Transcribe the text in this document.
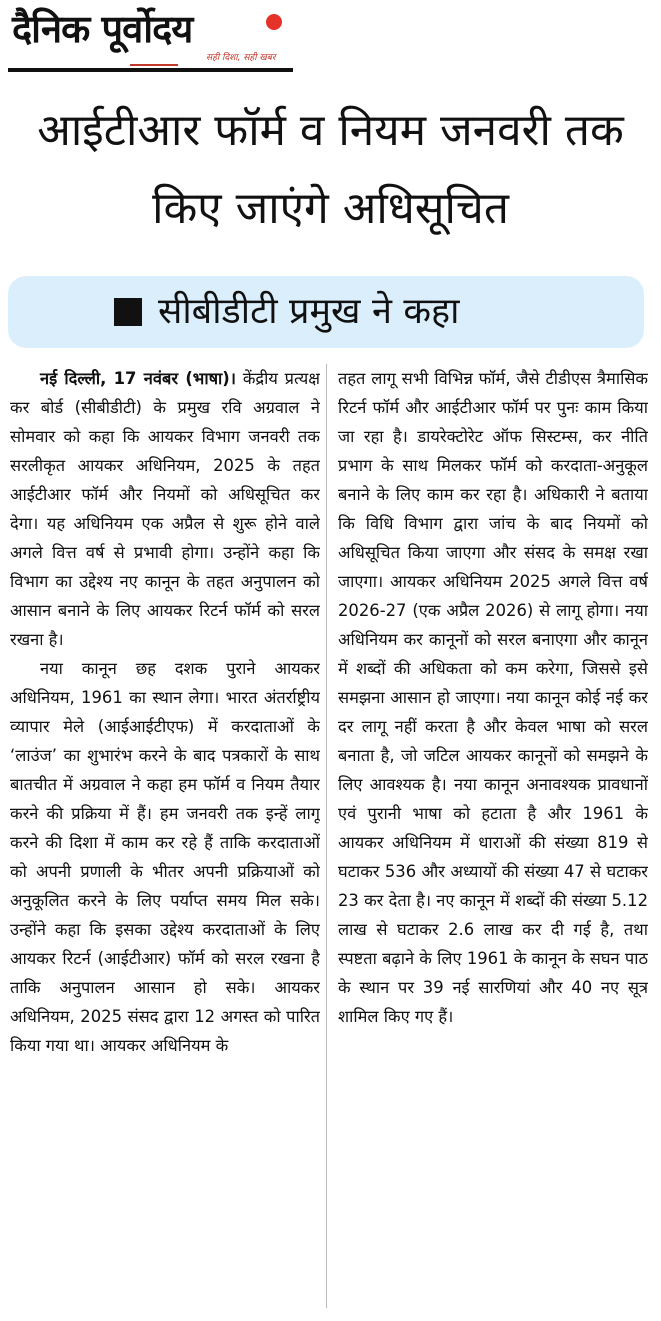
दैनिक पूर्वोदय
सही दिशा, सही खबर
आईटीआर फॉर्म व नियम जनवरी तक किए जाएंगे अधिसूचित
सीबीडीटी प्रमुख ने कहा

नई दिल्ली, 17 नवंबर (भाषा)। केंद्रीय प्रत्यक्ष कर बोर्ड (सीबीडीटी) के प्रमुख रवि अग्रवाल ने सोमवार को कहा कि आयकर विभाग जनवरी तक सरलीकृत आयकर अधिनियम, 2025 के तहत आईटीआर फॉर्म और नियमों को अधिसूचित कर देगा। यह अधिनियम एक अप्रैल से शुरू होने वाले अगले वित्त वर्ष से प्रभावी होगा। उन्होंने कहा कि विभाग का उद्देश्य नए कानून के तहत अनुपालन को आसान बनाने के लिए आयकर रिटर्न फॉर्म को सरल रखना है।

नया कानून छह दशक पुराने आयकर अधिनियम, 1961 का स्थान लेगा। भारत अंतर्राष्ट्रीय व्यापार मेले (आईआईटीएफ) में करदाताओं के ‘लाउंज’ का शुभारंभ करने के बाद पत्रकारों के साथ बातचीत में अग्रवाल ने कहा हम फॉर्म व नियम तैयार करने की प्रक्रिया में हैं। हम जनवरी तक इन्हें लागू करने की दिशा में काम कर रहे हैं ताकि करदाताओं को अपनी प्रणाली के भीतर अपनी प्रक्रियाओं को अनुकूलित करने के लिए पर्याप्त समय मिल सके। उन्होंने कहा कि इसका उद्देश्य करदाताओं के लिए आयकर रिटर्न (आईटीआर) फॉर्म को सरल रखना है ताकि अनुपालन आसान हो सके। आयकर अधिनियम, 2025 संसद द्वारा 12 अगस्त को पारित किया गया था। आयकर अधिनियम के

तहत लागू सभी विभिन्न फॉर्म, जैसे टीडीएस त्रैमासिक रिटर्न फॉर्म और आईटीआर फॉर्म पर पुनः काम किया जा रहा है। डायरेक्टोरेट ऑफ सिस्टम्स, कर नीति प्रभाग के साथ मिलकर फॉर्म को करदाता-अनुकूल बनाने के लिए काम कर रहा है। अधिकारी ने बताया कि विधि विभाग द्वारा जांच के बाद नियमों को अधिसूचित किया जाएगा और संसद के समक्ष रखा जाएगा। आयकर अधिनियम 2025 अगले वित्त वर्ष 2026-27 (एक अप्रैल 2026) से लागू होगा। नया अधिनियम कर कानूनों को सरल बनाएगा और कानून में शब्दों की अधिकता को कम करेगा, जिससे इसे समझना आसान हो जाएगा। नया कानून कोई नई कर दर लागू नहीं करता है और केवल भाषा को सरल बनाता है, जो जटिल आयकर कानूनों को समझने के लिए आवश्यक है। नया कानून अनावश्यक प्रावधानों एवं पुरानी भाषा को हटाता है और 1961 के आयकर अधिनियम में धाराओं की संख्या 819 से घटाकर 536 और अध्यायों की संख्या 47 से घटाकर 23 कर देता है। नए कानून में शब्दों की संख्या 5.12 लाख से घटाकर 2.6 लाख कर दी गई है, तथा स्पष्टता बढ़ाने के लिए 1961 के कानून के सघन पाठ के स्थान पर 39 नई सारणियां और 40 नए सूत्र शामिल किए गए हैं।
